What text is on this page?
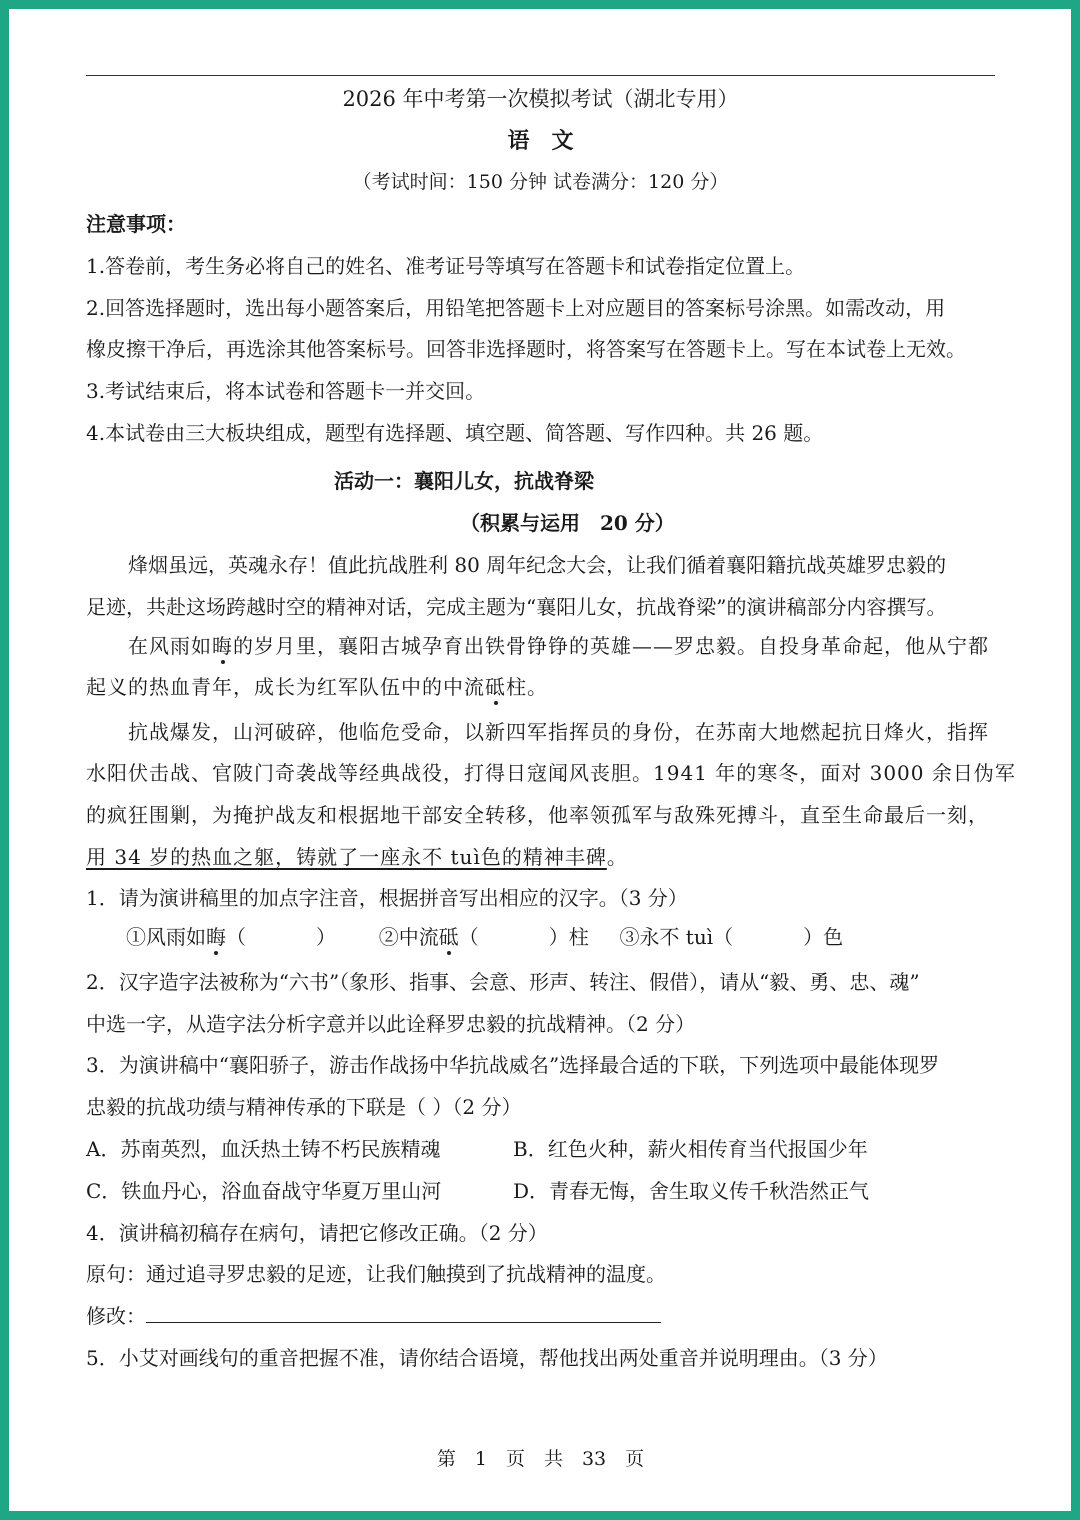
2026 年中考第一次模拟考试（湖北专用）
语　文
（考试时间：150 分钟 试卷满分：120 分）
注意事项：
1.答卷前，考生务必将自己的姓名、准考证号等填写在答题卡和试卷指定位置上。
2.回答选择题时，选出每小题答案后，用铅笔把答题卡上对应题目的答案标号涂黑。如需改动，用
橡皮擦干净后，再选涂其他答案标号。回答非选择题时，将答案写在答题卡上。写在本试卷上无效。
3.考试结束后，将本试卷和答题卡一并交回。
4.本试卷由三大板块组成，题型有选择题、填空题、简答题、写作四种。共 26 题。
活动一：襄阳儿女，抗战脊梁
（积累与运用　20 分）
烽烟虽远，英魂永存！值此抗战胜利 80 周年纪念大会，让我们循着襄阳籍抗战英雄罗忠毅的
足迹，共赴这场跨越时空的精神对话，完成主题为“襄阳儿女，抗战脊梁”的演讲稿部分内容撰写。
在风雨如晦的岁月里，襄阳古城孕育出铁骨铮铮的英雄——罗忠毅。自投身革命起，他从宁都
起义的热血青年，成长为红军队伍中的中流砥柱。
抗战爆发，山河破碎，他临危受命，以新四军指挥员的身份，在苏南大地燃起抗日烽火，指挥
水阳伏击战、官陂门奇袭战等经典战役，打得日寇闻风丧胆。1941 年的寒冬，面对 3000 余日伪军
的疯狂围剿，为掩护战友和根据地干部安全转移，他率领孤军与敌殊死搏斗，直至生命最后一刻，
用 34 岁的热血之躯，铸就了一座永不 tuì色的精神丰碑。
1．请为演讲稿里的加点字注音，根据拼音写出相应的汉字。（3 分）
①风雨如晦（	） ②中流砥（	）柱 ③永不 tuì（	）色
2．汉字造字法被称为“六书”（象形、指事、会意、形声、转注、假借），请从“毅、勇、忠、魂”
中选一字，从造字法分析字意并以此诠释罗忠毅的抗战精神。（2 分）
3．为演讲稿中“襄阳骄子，游击作战扬中华抗战威名”选择最合适的下联，下列选项中最能体现罗
忠毅的抗战功绩与精神传承的下联是（ ）（2 分）
A．苏南英烈，血沃热土铸不朽民族精魂	B．红色火种，薪火相传育当代报国少年
C．铁血丹心，浴血奋战守华夏万里山河	D．青春无悔，舍生取义传千秋浩然正气
4．演讲稿初稿存在病句，请把它修改正确。（2 分）
原句：通过追寻罗忠毅的足迹，让我们触摸到了抗战精神的温度。
修改：
5．小艾对画线句的重音把握不准，请你结合语境，帮他找出两处重音并说明理由。（3 分）
第　1　页　共　33　页
